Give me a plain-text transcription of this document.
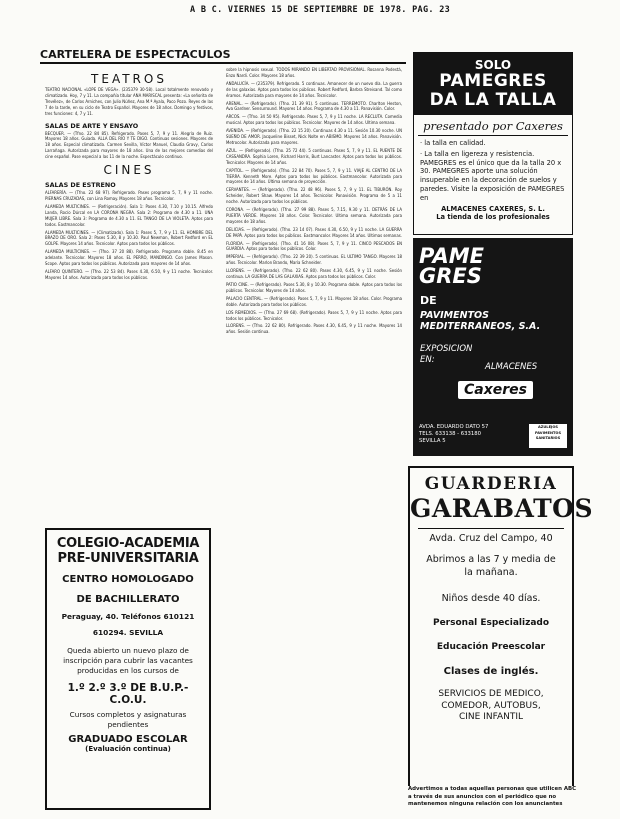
A B C. VIERNES 15 DE SEPTIEMBRE DE 1978. PAG. 23
CARTELERA DE ESPECTACULOS
TEATROS

TEATRO NACIONAL «LOPE DE VEGA». (235379 30-58). Local totalmente renovado y climatizado. Hoy, 7 y 11. La compañía titular ANA MARISCAL presenta: «La señorita de Trevélez», de Carlos Arniches, con Julio Núñez, Ana M.ª Ayala, Paco Pozo. Reyes de las 7 de la tarde, en su ciclo de Teatro Español. Mayores de 18 años. Domingo y festivos, tres funciones: 4, 7 y 11.

SALAS DE ARTE Y ENSAYO

BECQUER. — (Tfno. 22 84 85). Refrigerado. Pases 5, 7, 9 y 11. Alegría de Ruiz. Mayores 18 años. Guiada. ALLA DEL RIO Y TE DIGO. Continuas sesiones. Mayores de 18 años. Especial climatizada. Carmen Sevilla, Víctor Manuel, Claudia Gravy, Carlos Larrañaga. Autorizada para mayores de 18 años. Una de las mejores comedias del cine español. Pase especial a las 11 de la noche. Espectáculo continuo.

CINES
SALAS DE ESTRENO

ALFARERÍA. — (Tfno. 22 68 97). Refrigerado. Pases programa 5, 7, 9 y 11 noche. PIERNAS CRUZADAS, con Lina Romay. Mayores 18 años. Tecnicolor.

ALAMEDA MULTICINES. — (Refrigeración). Sala 1: Pases 4.30, 7.10 y 10.15. Alfredo Landa, Rocío Dúrcal en LA CORONA NEGRA. Sala 2: Programa de 4.30 a 11. UNA MUJER LIBRE. Sala 3: Programa de 4.30 a 11. EL TANGO DE LA VIOLETA. Aptos para todos. Eastmancolor.

ALAMEDA MULTICINES. — (Climatizado). Sala 1: Pases 5, 7, 9 y 11. EL HOMBRE DEL BRAZO DE ORO. Sala 2: Pases 5.30, 8 y 10.30. Paul Newman, Robert Redford en EL GOLPE. Mayores 14 años. Tecnicolor. Aptos para todos los públicos.

ALAMEDA MULTICINES. — (Tfno. 37 20 88). Refrigerado. Programa doble. 8.45 en adelante. Tecnicolor. Mayores 18 años. EL PERRO, MANDINGO. Con James Mason. Scope. Aptos para todos los públicos. Autorizada para mayores de 14 años.

ALFARO QUINTERO. — (Tfno. 22 53 84). Pases 4.30, 6.50, 9 y 11 noche. Tecnicolor. Mayores 14 años. Autorizada para todos los públicos.

sobre la hipnosis sexual. TODOS MIRANDO EN LIBERTAD PROVISIONAL. Rosanna Podestá, Enzo Nardi. Color. Mayores 18 años.

ANDALUCÍA. — (235379). Refrigerado. 5 continuas. Amanecer de un nuevo día. La guerra de las galaxias. Aptos para todos los públicos. Robert Redford, Barbra Streisand. Tal como éramos. Autorizada para mayores de 14 años. Tecnicolor.

ARENAL. — (Refrigerado). (Tfno. 21 39 91). 5 continuas. TERREMOTO. Charlton Heston, Ava Gardner. Sensurround. Mayores 14 años. Programa de 4.30 a 11. Panavisión. Color.

ARCOS. — (Tfno. 34 50 95). Refrigerado. Pases 5, 7, 9 y 11 noche. LA RECLUTA. Comedia musical. Aptos para todos los públicos. Tecnicolor. Mayores de 14 años. Ultima semana.

AVENIDA. — (Refrigerado). (Tfno. 22 15 20). Continuas 4.30 a 11. Sesión 10.30 noche. UN SUEÑO DE AMOR. Jacqueline Bisset, Nick Nolte en ABISMO. Mayores 14 años. Panavisión. Metrocolor. Autorizada para mayores.

AZUL. — (Refrigerado). (Tfno. 25 72 44). 5 continuas. Pases 5, 7, 9 y 11. EL PUENTE DE CASSANDRA. Sophia Loren, Richard Harris, Burt Lancaster. Aptos para todos los públicos. Tecnicolor. Mayores de 14 años.

CAPITOL. — (Refrigerado). (Tfno. 22 84 70). Pases 5, 7, 9 y 11. VIAJE AL CENTRO DE LA TIERRA. Kenneth More. Aptos para todos los públicos. Eastmancolor. Autorizada para mayores de 14 años. Última semana de proyección.

CERVANTES. — (Refrigerado). (Tfno. 22 48 96). Pases 5, 7, 9 y 11. EL TIBURÓN. Roy Scheider, Robert Shaw. Mayores 14 años. Tecnicolor. Panavisión. Programa de 5 a 11 noche. Autorizada para todos los públicos.

CORONA. — (Refrigerado). (Tfno. 27 99 88). Pases 5, 7.15, 9.30 y 11. DETRÁS DE LA PUERTA VERDE. Mayores 18 años. Color. Tecnicolor. Ultima semana. Autorizada para mayores de 18 años.

DELICIAS. — (Refrigerado). (Tfno. 23 14 07). Pases 4.30, 6.50, 9 y 11 noche. LA GUERRA DE PAPÁ. Aptos para todos los públicos. Eastmancolor. Mayores 14 años. Ultimas semanas.

FLORIDA. — (Refrigerado). (Tfno. 41 16 08). Pases 5, 7, 9 y 11. CINCO PESCADOS EN GUARDIA. Aptos para todos los públicos. Color.

IMPERIAL. — (Refrigerado). (Tfno. 22 39 20). 5 continuas. EL ULTIMO TANGO. Mayores 18 años. Tecnicolor. Marlon Brando, María Schneider.

LLORENS. — (Refrigerado). (Tfno. 22 62 80). Pases 4.30, 6.45, 9 y 11 noche. Sesión continua. LA GUERRA DE LAS GALAXIAS. Aptos para todos los públicos. Color.

PATIO CINE. — (Refrigerado). Pases 5.30, 8 y 10.30. Programa doble. Aptos para todos los públicos. Tecnicolor. Mayores de 14 años.

PALACIO CENTRAL. — (Refrigerado). Pases 5, 7, 9 y 11. Mayores 18 años. Color. Programa doble. Autorizada para todos los públicos.

LOS REMEDIOS. — (Tfno. 27 69 68). (Refrigerado). Pases 5, 7, 9 y 11 noche. Aptos para todos los públicos. Tecnicolor.

LLORENS. — (Tfno. 22 62 80). Refrigerado. Pases 4.30, 6.45, 9 y 11 noche. Mayores 14 años. Sesión continua.

COLEGIO-ACADEMIA
PRE-UNIVERSITARIA
CENTRO HOMOLOGADO
DE BACHILLERATO
Peraguay, 40. Teléfonos 610121
610294. SEVILLA
Queda abierto un nuevo plazo de inscripción para cubrir las vacantes producidas en los cursos de
1.º 2.º 3.º DE B.U.P.-C.O.U.
Cursos completos y asignaturas pendientes
GRADUADO ESCOLAR
(Evaluación continua)
SOLO
PAMEGRES
DA LA TALLA
presentado por Caxeres

· la talla en calidad.

· La talla en ligereza y resistencia. PAMEGRES es el único que da la talla 20 x 30. PAMEGRES aporte una solución insuperable en la decoración de suelos y paredes. Visite la exposición de PAMEGRES en

ALMACENES CAXERES, S. L.
La tienda de los profesionales
PAME
GRES
DE
PAVIMENTOS
MEDITERRANEOS, S.A.
EXPOSICION
EN:
ALMACENES
Caxeres
AVDA. EDUARDO DATO 57
TELS. 633138 - 633180
SEVILLA 5
AZULEJOS PAVIMENTOS SANITARIOS
GUARDERIA
GARABATOS
Avda. Cruz del Campo, 40
Abrimos a las 7 y media de
la mañana.
Niños desde 40 días.
Personal Especializado
Educación Preescolar
Clases de inglés.
SERVICIOS DE MEDICO,
COMEDOR, AUTOBUS,
CINE INFANTIL
Advertimos a todas aquellas personas que utilicen ABC a través de sus anuncios con el periódico que no mantenemos ninguna relación con los anunciantes
